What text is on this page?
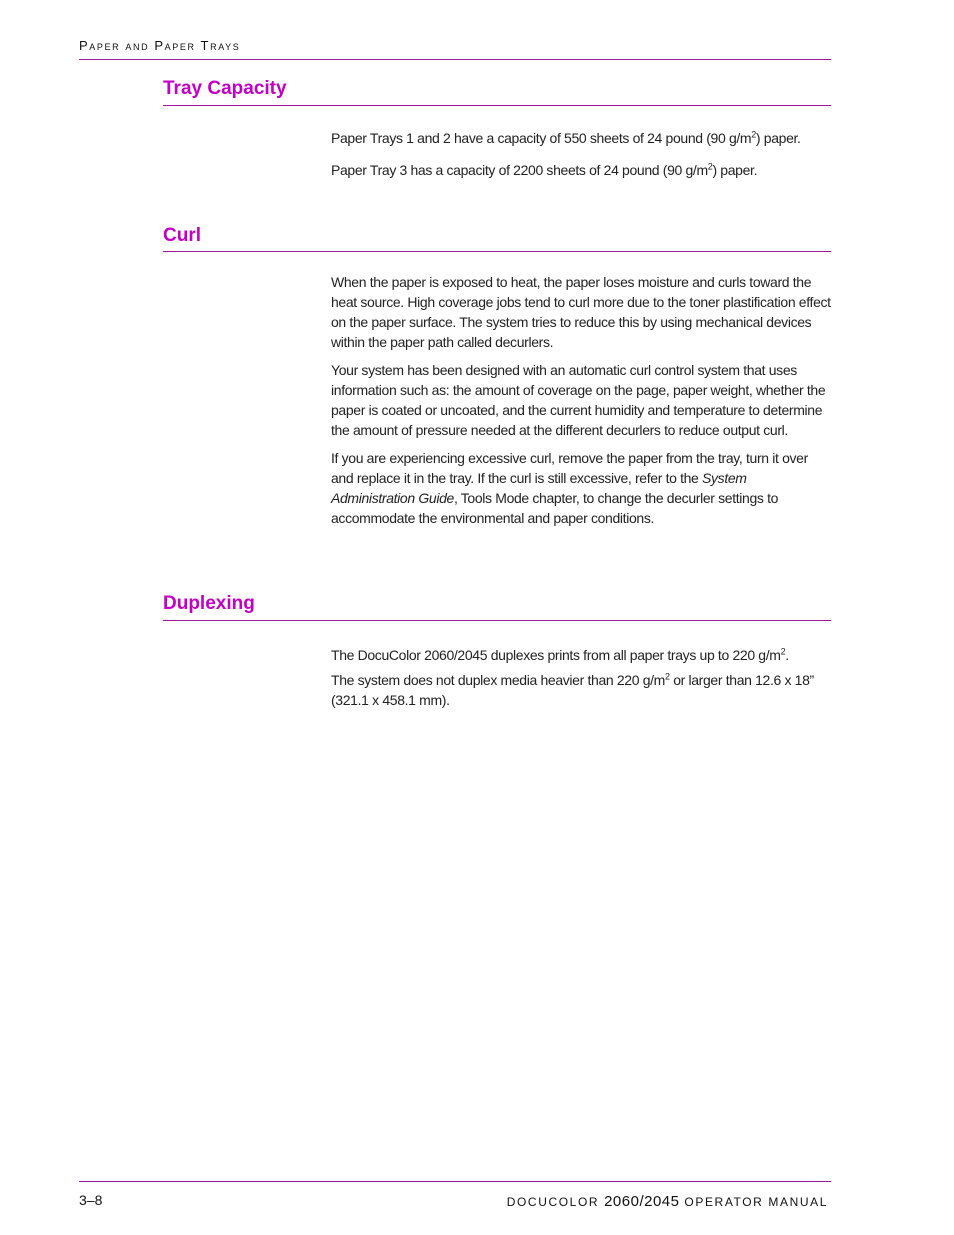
Paper and Paper Trays
Tray Capacity

Paper Trays 1 and 2 have a capacity of 550 sheets of 24 pound (90 $g/m^2$) paper.

Paper Tray 3 has a capacity of 2200 sheets of 24 pound (90 $g/m^2$) paper.

Curl

When the paper is exposed to heat, the paper loses moisture and curls toward the heat source. High coverage jobs tend to curl more due to the toner plastification effect on the paper surface. The system tries to reduce this by using mechanical devices within the paper path called decurlers.

Your system has been designed with an automatic curl control system that uses information such as: the amount of coverage on the page, paper weight, whether the paper is coated or uncoated, and the current humidity and temperature to determine the amount of pressure needed at the different decurlers to reduce output curl.

If you are experiencing excessive curl, remove the paper from the tray, turn it over and replace it in the tray. If the curl is still excessive, refer to the System Administration Guide, Tools Mode chapter, to change the decurler settings to accommodate the environmental and paper conditions.

Duplexing

The DocuColor 2060/2045 duplexes prints from all paper trays up to 220 $g/m^2$.

The system does not duplex media heavier than 220 $g/m^2$ or larger than 12.6 x 18” (321.1 x 458.1 mm).

3–8	DOCUCOLOR 2060/2045 OPERATOR MANUAL
